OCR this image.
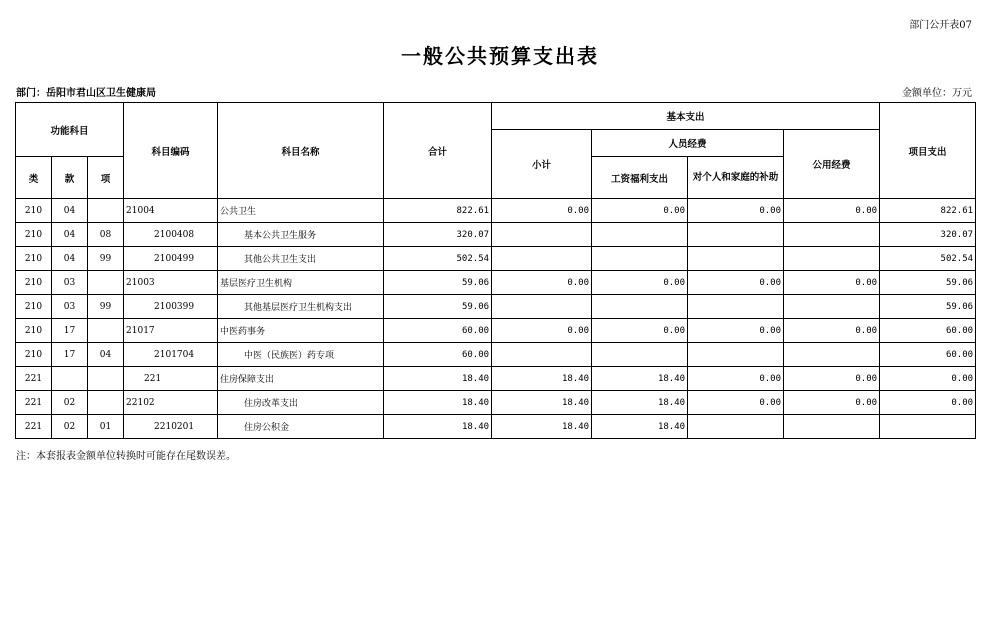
部门公开表07
一般公共预算支出表
部门：岳阳市君山区卫生健康局	金额单位：万元
功能科目			科目编码	科目名称	合计	基本支出				项目支出
						小计	人员经费		公用经费	
类	款	项					工资福利支出	对个人和家庭的补助		
210	04		21004	公共卫生	822.61	0.00	0.00	0.00	0.00	822.61
210	04	08	2100408	基本公共卫生服务	320.07					320.07
210	04	99	2100499	其他公共卫生支出	502.54					502.54
210	03		21003	基层医疗卫生机构	59.06	0.00	0.00	0.00	0.00	59.06
210	03	99	2100399	其他基层医疗卫生机构支出	59.06					59.06
210	17		21017	中医药事务	60.00	0.00	0.00	0.00	0.00	60.00
210	17	04	2101704	中医（民族医）药专项	60.00					60.00
221			221	住房保障支出	18.40	18.40	18.40	0.00	0.00	0.00
221	02		22102	住房改革支出	18.40	18.40	18.40	0.00	0.00	0.00
221	02	01	2210201	住房公积金	18.40	18.40	18.40			
注：本套报表金额单位转换时可能存在尾数误差。
